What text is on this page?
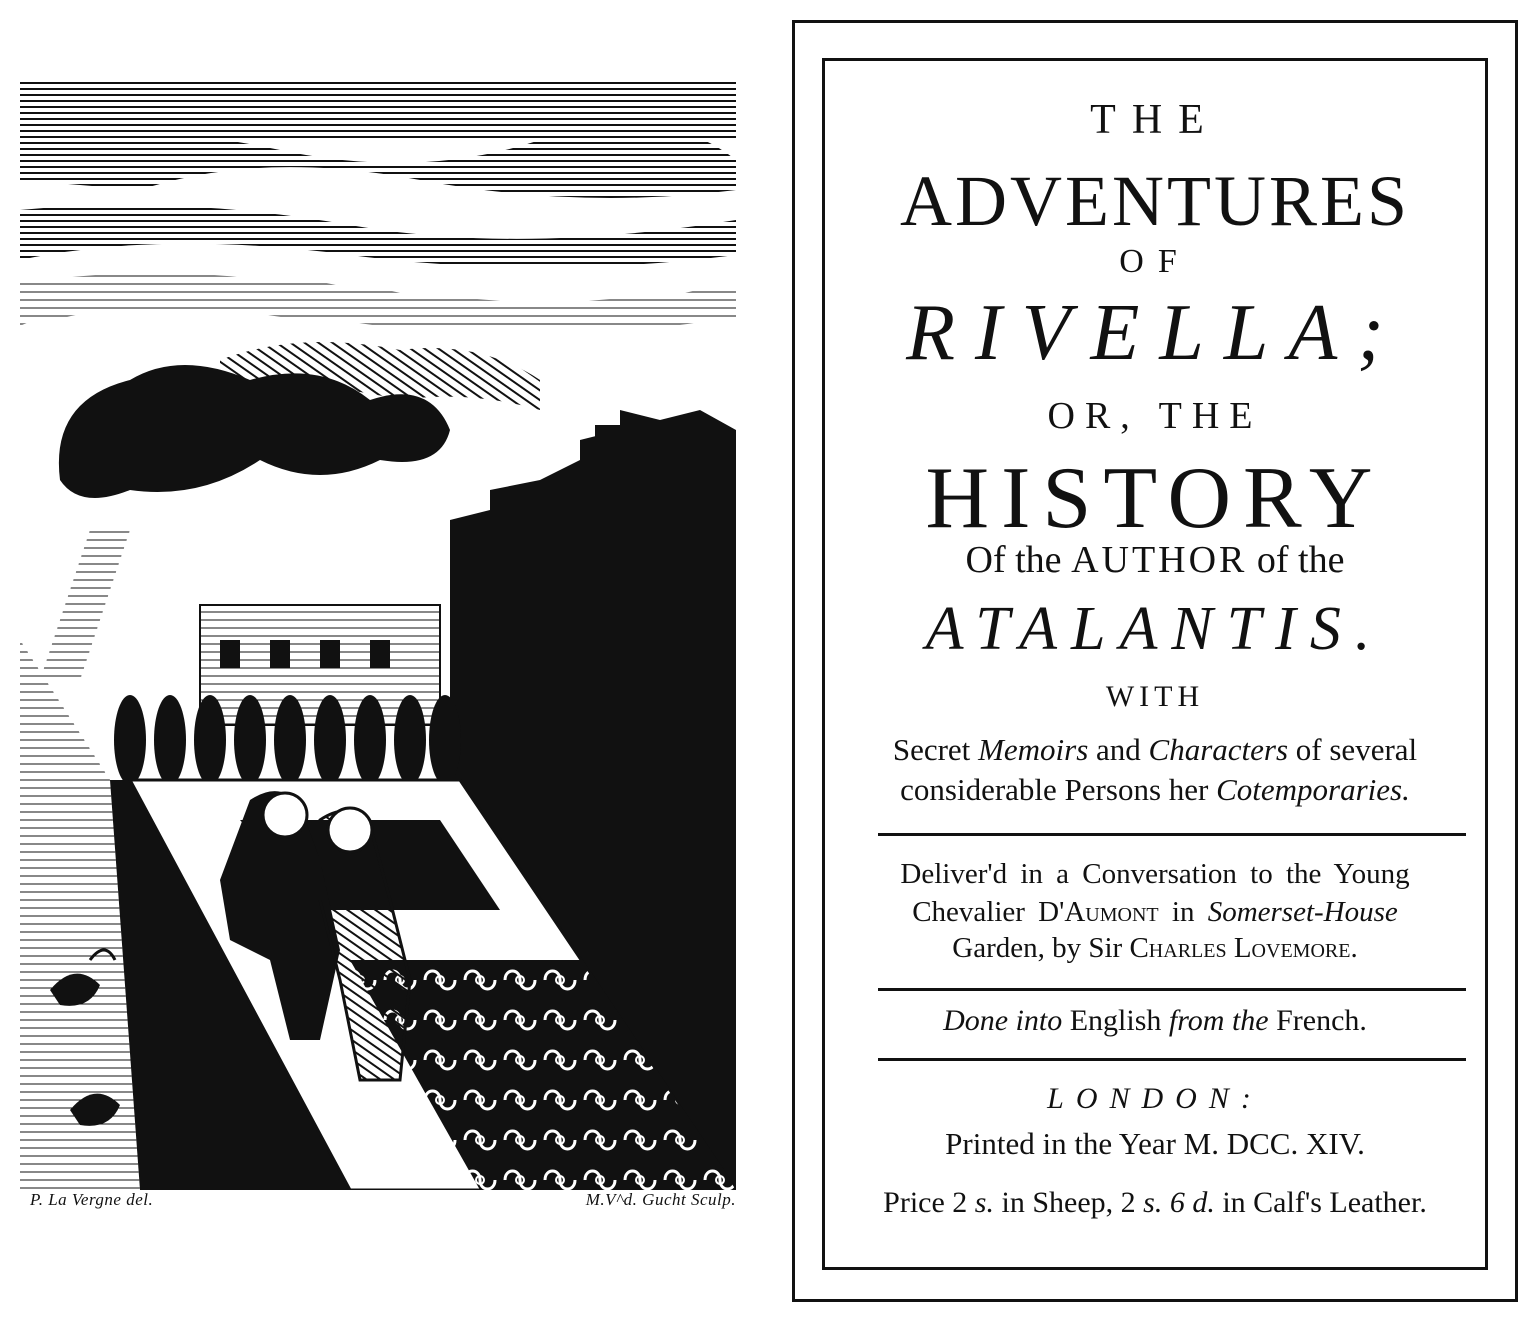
P. La Vergne del.	M.V^d. Gucht Sculp.
THE
ADVENTURES
OF
RIVELLA;
OR, THE
HISTORY
Of the AUTHOR of the
ATALANTIS.
WITH
Secret Memoirs and Characters of several
considerable Persons her Cotemporaries.
Deliver'd in a Conversation to the Young
Chevalier D'Aumont in Somerset-House
Garden, by Sir Charles Lovemore.
Done into English from the French.
LONDON:
Printed in the Year M. DCC. XIV.
Price 2 s. in Sheep, 2 s. 6 d. in Calf's Leather.
